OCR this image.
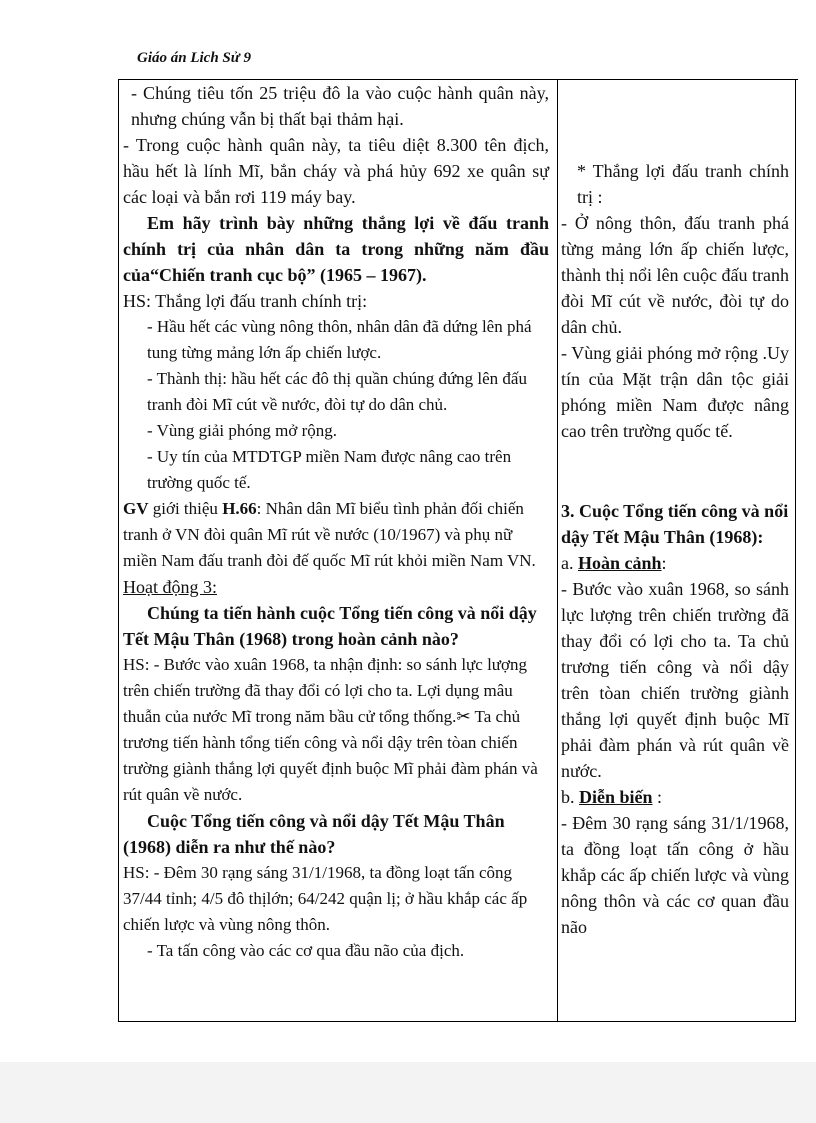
Giáo án Lich Sử 9

- Chúng tiêu tốn 25 triệu đô la vào cuộc hành quân này, nhưng chúng vẫn bị thất bại thảm hại.

- Trong cuộc hành quân này, ta tiêu diệt 8.300 tên địch, hầu hết là lính Mĩ, bắn cháy và phá hủy 692 xe quân sự các loại và bắn rơi 119 máy bay.

Em hãy trình bày những thắng lợi về đấu tranh chính trị của nhân dân ta trong những năm đầu của“Chiến tranh cục bộ” (1965 – 1967).

HS: Thắng lợi đấu tranh chính trị:

- Hầu hết các vùng nông thôn, nhân dân đã dứng lên phá tung từng mảng lớn ấp chiến lược.

- Thành thị: hầu hết các đô thị quần chúng đứng lên đấu tranh đòi Mĩ cút về nước, đòi tự do dân chủ.

- Vùng giải phóng mở rộng.

- Uy tín của MTDTGP miền Nam được nâng cao trên trường quốc tế.

GV giới thiệu H.66: Nhân dân Mĩ biểu tình phản đối chiến tranh ở VN đòi quân Mĩ rút về nước (10/1967) và phụ nữ miền Nam đấu tranh đòi đế quốc Mĩ rút khỏi miền Nam VN.

Hoạt động 3:

Chúng ta tiến hành cuộc Tổng tiến công và nổi dậy Tết Mậu Thân (1968) trong hoàn cảnh nào?

HS: - Bước vào xuân 1968, ta nhận định: so sánh lực lượng trên chiến trường đã thay đổi có lợi cho ta. Lợi dụng mâu thuẫn của nước Mĩ trong năm bầu cử tổng thống.✂ Ta chủ trương tiến hành tổng tiến công và nổi dậy trên tòan chiến trường giành thắng lợi quyết định buộc Mĩ phải đàm phán và rút quân về nước.

Cuộc Tổng tiến công và nổi dậy Tết Mậu Thân (1968) diễn ra như thế nào?

HS: - Đêm 30 rạng sáng 31/1/1968, ta đồng loạt tấn công 37/44 tỉnh; 4/5 đô thịlớn; 64/242 quận lị; ở hầu khắp các ấp chiến lược và vùng nông thôn.

- Ta tấn công vào các cơ qua đầu não của địch.

* Thắng lợi đấu tranh chính trị :

- Ở nông thôn, đấu tranh phá từng mảng lớn ấp chiến lược, thành thị nổi lên cuộc đấu tranh đòi Mĩ cút về nước, đòi tự do dân chủ.

- Vùng giải phóng mở rộng .Uy tín của Mặt trận dân tộc giải phóng miền Nam được nâng cao trên trường quốc tế.

3. Cuộc Tổng tiến công và nổi dậy Tết Mậu Thân (1968):

a. Hoàn cảnh:

- Bước vào xuân 1968, so sánh lực lượng trên chiến trường đã thay đổi có lợi cho ta. Ta chủ trương tiến công và nổi dậy trên tòan chiến trường giành thắng lợi quyết định buộc Mĩ phải đàm phán và rút quân về nước.

b. Diễn biến :

- Đêm 30 rạng sáng 31/1/1968, ta đồng loạt tấn công ở hầu khắp các ấp chiến lược và vùng nông thôn và các cơ quan đầu não
